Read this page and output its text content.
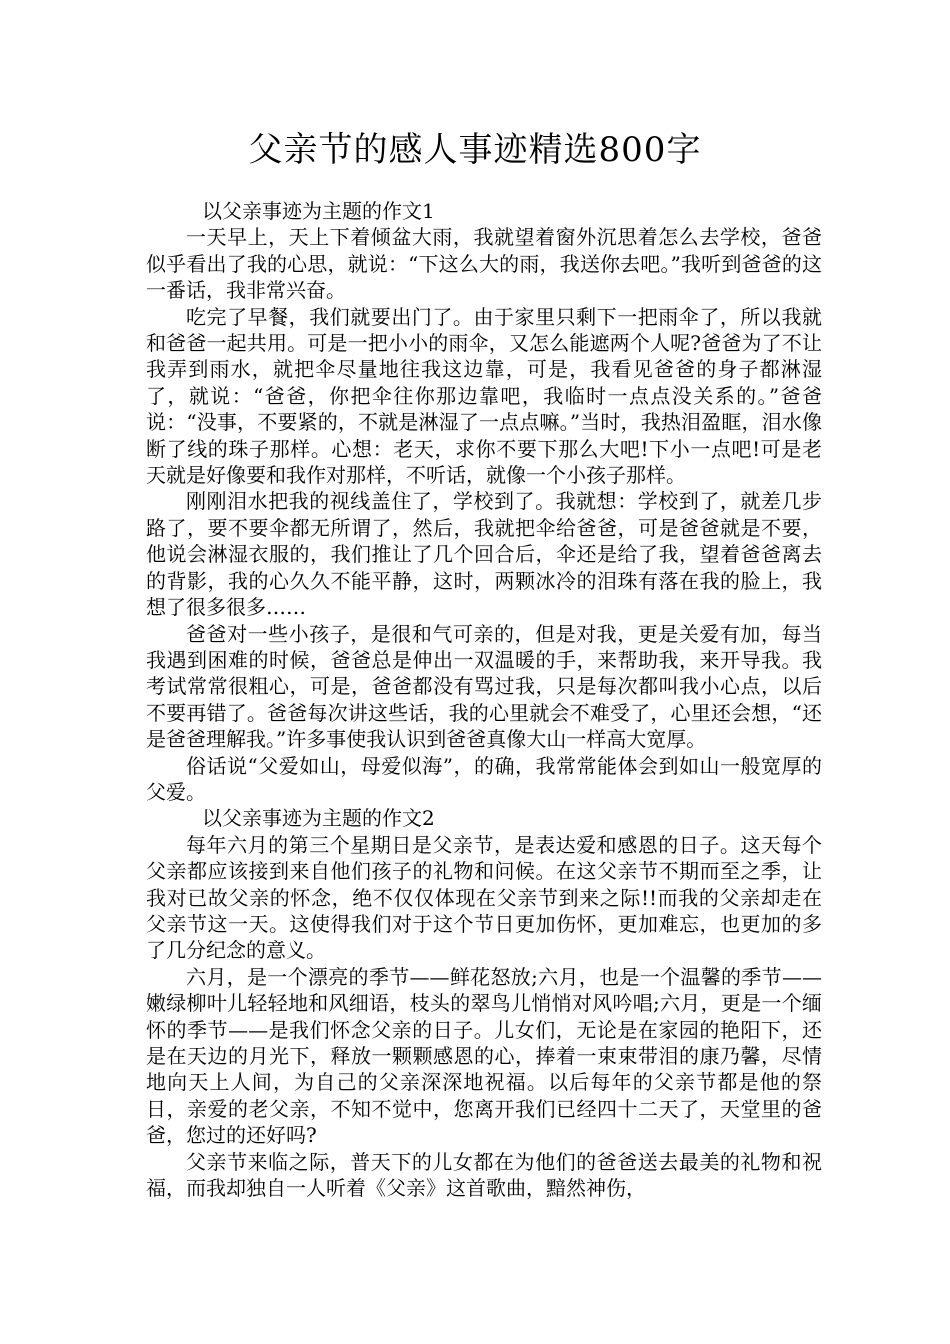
父亲节的感人事迹精选800字

以父亲事迹为主题的作文1

一天早上，天上下着倾盆大雨，我就望着窗外沉思着怎么去学校，爸爸似乎看出了我的心思，就说：“下这么大的雨，我送你去吧。”我听到爸爸的这一番话，我非常兴奋。

吃完了早餐，我们就要出门了。由于家里只剩下一把雨伞了，所以我就和爸爸一起共用。可是一把小小的雨伞，又怎么能遮两个人呢?爸爸为了不让我弄到雨水，就把伞尽量地往我这边靠，可是，我看见爸爸的身子都淋湿了，就说：“爸爸，你把伞往你那边靠吧，我临时一点点没关系的。”爸爸说：“没事，不要紧的，不就是淋湿了一点点嘛。”当时，我热泪盈眶，泪水像断了线的珠子那样。心想：老天，求你不要下那么大吧!下小一点吧!可是老天就是好像要和我作对那样，不听话，就像一个小孩子那样。

刚刚泪水把我的视线盖住了，学校到了。我就想：学校到了，就差几步路了，要不要伞都无所谓了，然后，我就把伞给爸爸，可是爸爸就是不要，他说会淋湿衣服的，我们推让了几个回合后，伞还是给了我，望着爸爸离去的背影，我的心久久不能平静，这时，两颗冰冷的泪珠有落在我的脸上，我想了很多很多……

爸爸对一些小孩子，是很和气可亲的，但是对我，更是关爱有加，每当我遇到困难的时候，爸爸总是伸出一双温暖的手，来帮助我，来开导我。我考试常常很粗心，可是，爸爸都没有骂过我，只是每次都叫我小心点，以后不要再错了。爸爸每次讲这些话，我的心里就会不难受了，心里还会想，“还是爸爸理解我。”许多事使我认识到爸爸真像大山一样高大宽厚。

俗话说“父爱如山，母爱似海”，的确，我常常能体会到如山一般宽厚的父爱。

以父亲事迹为主题的作文2

每年六月的第三个星期日是父亲节，是表达爱和感恩的日子。这天每个父亲都应该接到来自他们孩子的礼物和问候。在这父亲节不期而至之季，让我对已故父亲的怀念，绝不仅仅体现在父亲节到来之际!!而我的父亲却走在父亲节这一天。这使得我们对于这个节日更加伤怀，更加难忘，也更加的多了几分纪念的意义。

六月，是一个漂亮的季节——鲜花怒放;六月，也是一个温馨的季节——嫩绿柳叶儿轻轻地和风细语，枝头的翠鸟儿悄悄对风吟唱;六月，更是一个缅怀的季节——是我们怀念父亲的日子。儿女们，无论是在家园的艳阳下，还是在天边的月光下，释放一颗颗感恩的心，捧着一束束带泪的康乃馨，尽情地向天上人间，为自己的父亲深深地祝福。以后每年的父亲节都是他的祭日，亲爱的老父亲，不知不觉中，您离开我们已经四十二天了，天堂里的爸爸，您过的还好吗?

父亲节来临之际，普天下的儿女都在为他们的爸爸送去最美的礼物和祝福，而我却独自一人听着《父亲》这首歌曲，黯然神伤，
